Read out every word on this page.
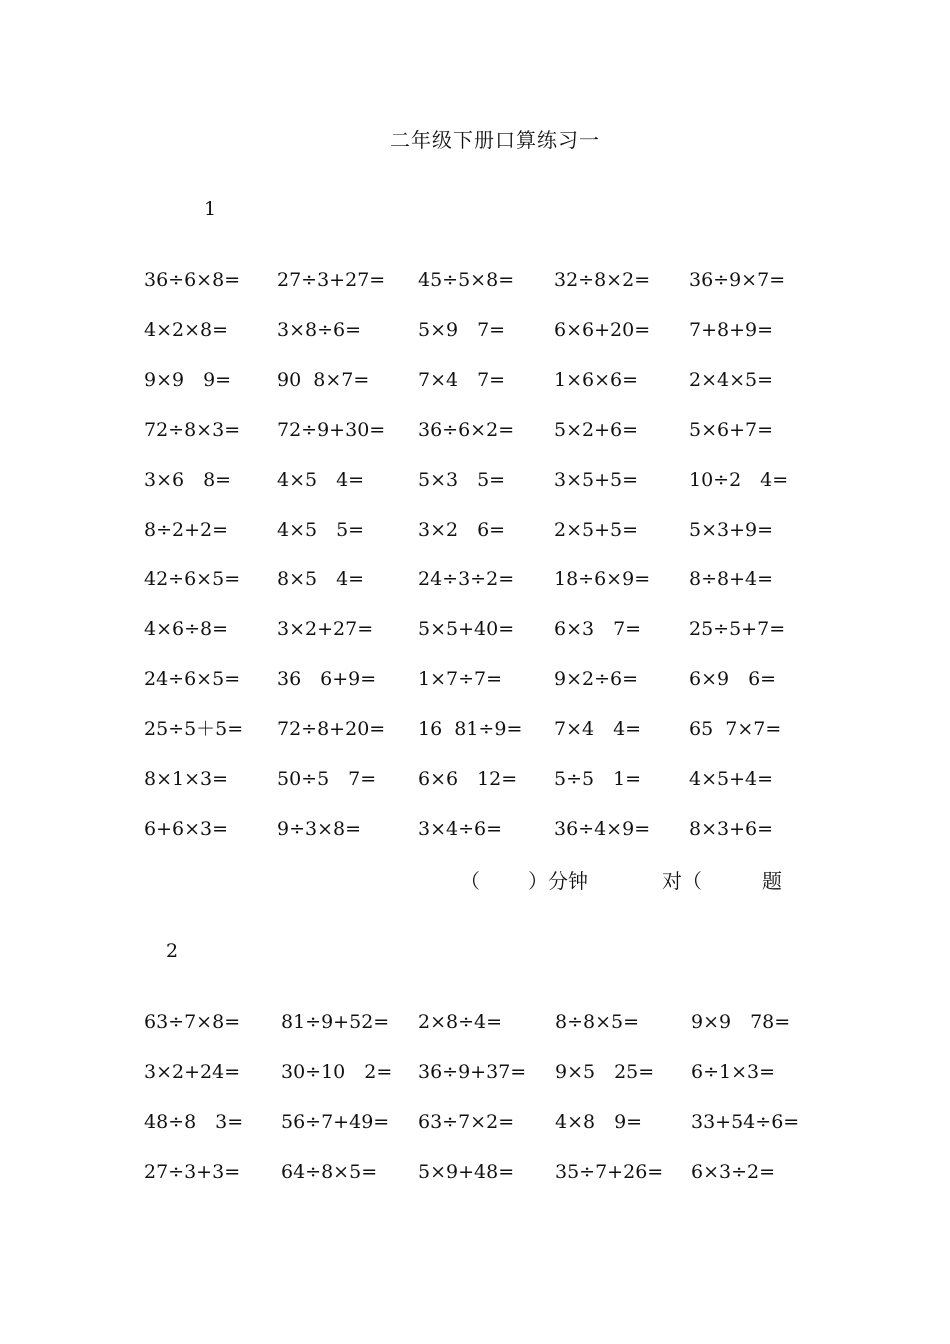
二年级下册口算练习一
1
36÷6×8= 27÷3+27= 45÷5×8= 32÷8×2= 36÷9×7=
4×2×8=	3×8÷6=	5×9　7=	6×6+20= 7+8+9=
9×9　9= 90  8×7=	7×4　7=	1×6×6=	2×4×5=
72÷8×3= 72÷9+30= 36÷6×2= 5×2+6=	5×6+7=
3×6　8= 4×5　4=	5×3　5=	3×5+5=	10÷2　4=
8÷2+2=	4×5　5=	3×2　6=	2×5+5=	5×3+9=
42÷6×5= 8×5　4=	24÷3÷2= 18÷6×9= 8÷8+4=
4×6÷8=	3×2+27= 5×5+40= 6×3　7=	25÷5+7=
24÷6×5= 36　6+9= 1×7÷7=	9×2÷6=	6×9　6=
25÷5＋5= 72÷8+20= 16  81÷9= 7×4　4=	65  7×7=
8×1×3=	50÷5　7= 6×6　12= 5÷5　1=	4×5+4=
6+6×3=	9÷3×8=	3×4÷6=	36÷4×9= 8×3+6=
（ ）分钟	对（	题
2
63÷7×8= 81÷9+52= 2×8÷4=	8÷8×5=	9×9　78=
3×2+24= 30÷10　2= 36÷9+37= 9×5　25= 6÷1×3=
48÷8　3= 56÷7+49= 63÷7×2= 4×8　9=	33+54÷6=
27÷3+3= 64÷8×5= 5×9+48= 35÷7+26= 6×3÷2=
